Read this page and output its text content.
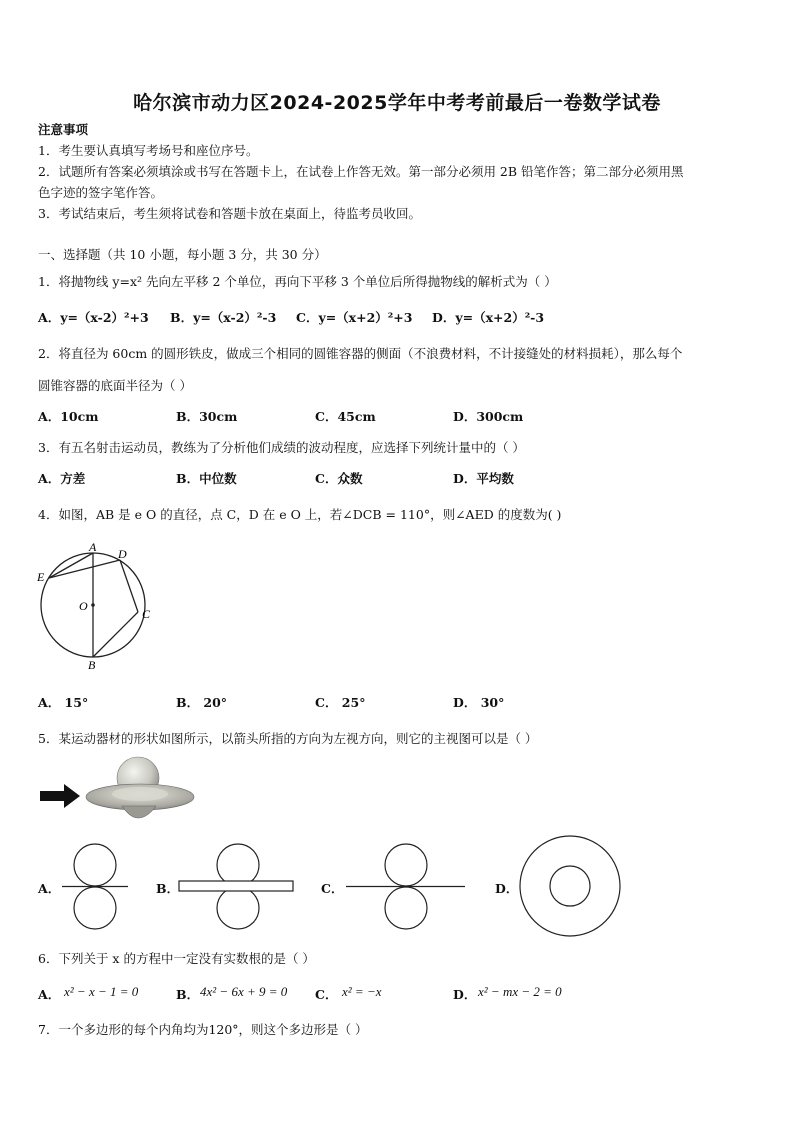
哈尔滨市动力区2024-2025学年中考考前最后一卷数学试卷
注意事项
1．考生要认真填写考场号和座位序号。
2．试题所有答案必须填涂或书写在答题卡上，在试卷上作答无效。第一部分必须用 2B 铅笔作答；第二部分必须用黑
色字迹的签字笔作答。
3．考试结束后，考生须将试卷和答题卡放在桌面上，待监考员收回。
一、选择题（共 10 小题，每小题 3 分，共 30 分）
1．将抛物线 y=x² 先向左平移 2 个单位，再向下平移 3 个单位后所得抛物线的解析式为（ ）
A．y=（x-2）²+3 B．y=（x-2）²-3 C．y=（x+2）²+3 D．y=（x+2）²-3
2．将直径为 60cm 的圆形铁皮，做成三个相同的圆锥容器的侧面（不浪费材料，不计接缝处的材料损耗），那么每个
圆锥容器的底面半径为（ ）
A．10cm	B．30cm	C．45cm	D．300cm
3．有五名射击运动员，教练为了分析他们成绩的波动程度，应选择下列统计量中的（ ）
A．方差	B．中位数	C．众数	D．平均数
4．如图，AB 是 e O 的直径，点 C，D 在 e O 上，若∠DCB = 110°，则∠AED 的度数为( )
A D
E
O
C
B
A． 15°	B． 20°	C． 25°	D． 30°
5．某运动器材的形状如图所示，以箭头所指的方向为左视方向，则它的主视图可以是（ ）
A．	B．	C．	D．
6．下列关于 x 的方程中一定没有实数根的是（ ）
A． x² − x − 1 = 0	B． 4x² − 6x + 9 = 0 C． x² = −x	D． x² − mx − 2 = 0
7．一个多边形的每个内角均为120°，则这个多边形是（ ）
